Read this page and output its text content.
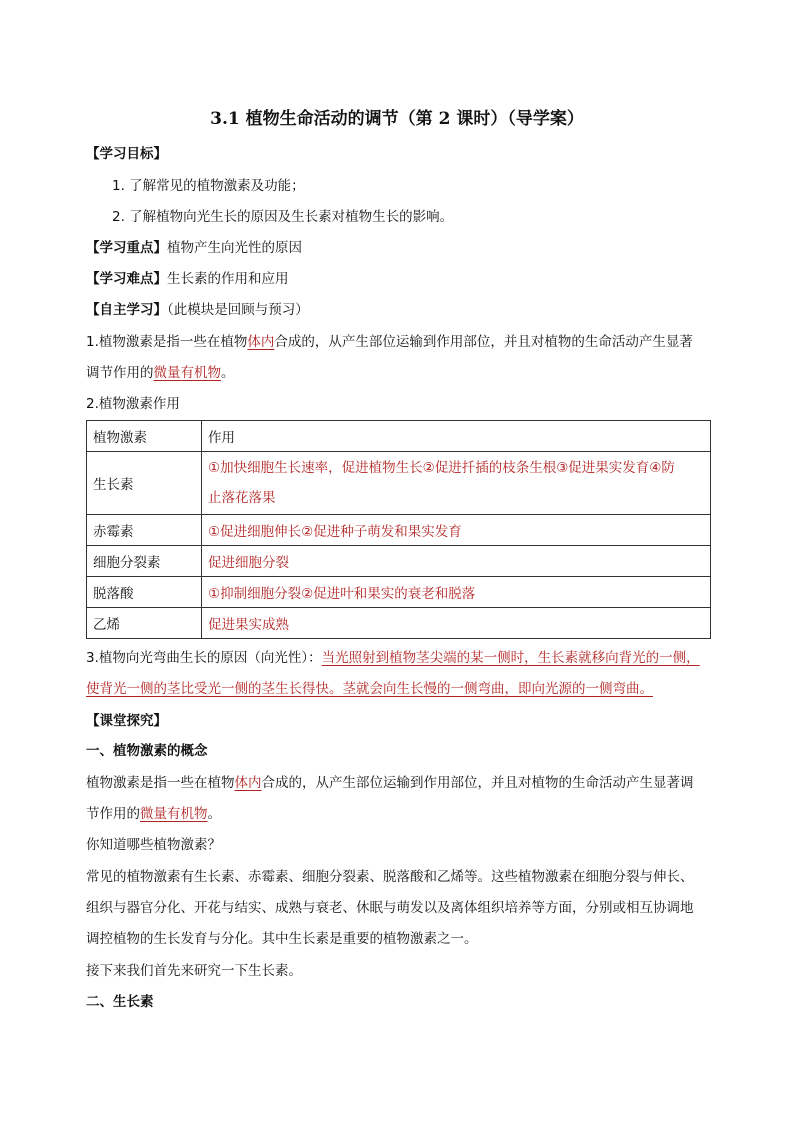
3.1 植物生命活动的调节（第 2 课时）（导学案）
【学习目标】
1. 了解常见的植物激素及功能；
2. 了解植物向光生长的原因及生长素对植物生长的影响。
【学习重点】植物产生向光性的原因
【学习难点】生长素的作用和应用
【自主学习】（此模块是回顾与预习）
1.植物激素是指一些在植物体内合成的，从产生部位运输到作用部位，并且对植物的生命活动产生显著
调节作用的微量有机物。
2.植物激素作用
植物激素	作用
生长素	①加快细胞生长速率，促进植物生长②促进扦插的枝条生根③促进果实发育④防
止落花落果
赤霉素	①促进细胞伸长②促进种子萌发和果实发育
细胞分裂素	促进细胞分裂
脱落酸	①抑制细胞分裂②促进叶和果实的衰老和脱落
乙烯	促进果实成熟
3.植物向光弯曲生长的原因（向光性）：当光照射到植物茎尖端的某一侧时，生长素就移向背光的一侧，
使背光一侧的茎比受光一侧的茎生长得快。茎就会向生长慢的一侧弯曲，即向光源的一侧弯曲。
【课堂探究】
一、植物激素的概念
植物激素是指一些在植物体内合成的，从产生部位运输到作用部位，并且对植物的生命活动产生显著调
节作用的微量有机物。
你知道哪些植物激素？
常见的植物激素有生长素、赤霉素、细胞分裂素、脱落酸和乙烯等。这些植物激素在细胞分裂与伸长、
组织与器官分化、开花与结实、成熟与衰老、休眠与萌发以及离体组织培养等方面，分别或相互协调地
调控植物的生长发育与分化。其中生长素是重要的植物激素之一。
接下来我们首先来研究一下生长素。
二、生长素
